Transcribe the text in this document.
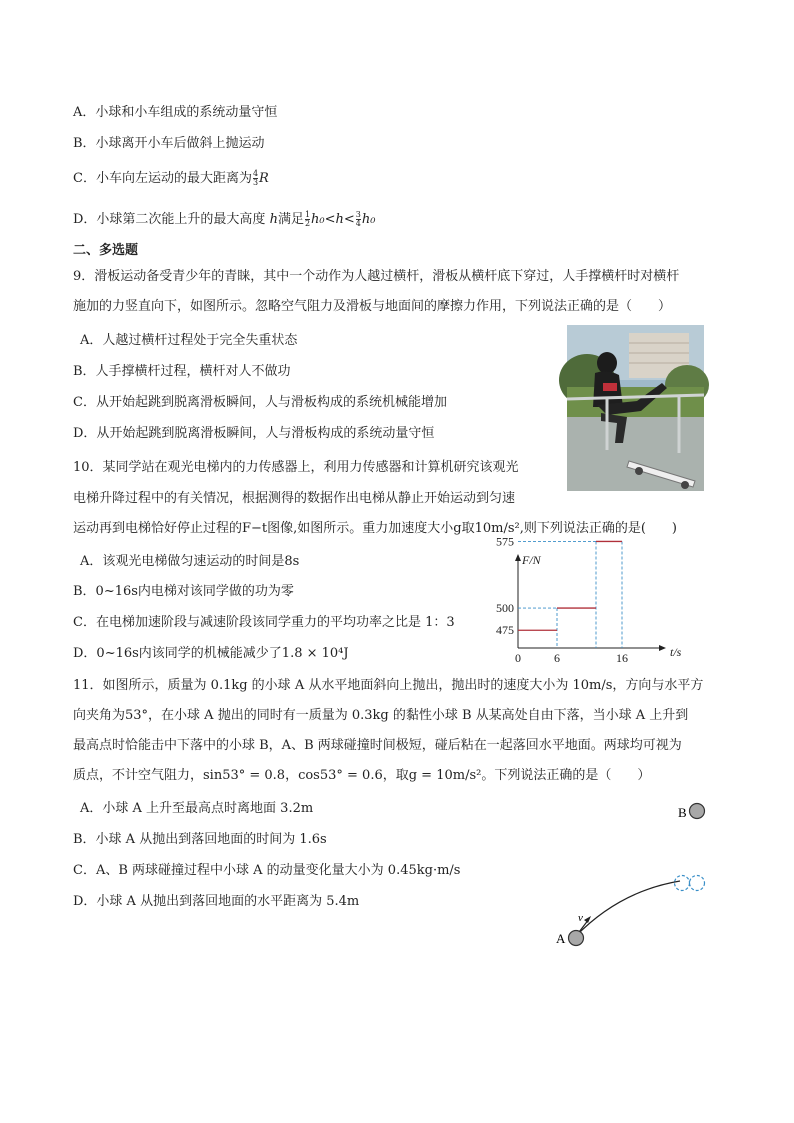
A．小球和小车组成的系统动量守恒
B．小球离开小车后做斜上抛运动
C．小车向左运动的最大距离为 $\frac{4}{3}$ R
D．小球第二次能上升的最大高度 h满足 $\frac{1}{2} h_0<h< \frac{3}{4} h_0$
二、多选题
9．滑板运动备受青少年的青睐，其中一个动作为人越过横杆，滑板从横杆底下穿过，人手撑横杆时对横杆
施加的力竖直向下，如图所示。忽略空气阻力及滑板与地面间的摩擦力作用，下列说法正确的是（　　）
A．人越过横杆过程处于完全失重状态
B．人手撑横杆过程，横杆对人不做功
C．从开始起跳到脱离滑板瞬间，人与滑板构成的系统机械能增加
D．从开始起跳到脱离滑板瞬间，人与滑板构成的系统动量守恒
10．某同学站在观光电梯内的力传感器上，利用力传感器和计算机研究该观光
电梯升降过程中的有关情况，根据测得的数据作出电梯从静止开始运动到匀速
运动再到电梯恰好停止过程的F−t图像,如图所示。重力加速度大小g取10m/s²,则下列说法正确的是(　　)
A．该观光电梯做匀速运动的时间是8s
B．0~16s内电梯对该同学做的功为零
C．在电梯加速阶段与减速阶段该同学重力的平均功率之比是 1：3
D．0~16s内该同学的机械能减少了1.8 × 10⁴J
475
500
575
0	6	16
F/N
t/s
11．如图所示，质量为 0.1kg 的小球 A 从水平地面斜向上抛出，抛出时的速度大小为 10m/s，方向与水平方
向夹角为53°，在小球 A 抛出的同时有一质量为 0.3kg 的黏性小球 B 从某高处自由下落，当小球 A 上升到
最高点时恰能击中下落中的小球 B，A、B 两球碰撞时间极短，碰后粘在一起落回水平地面。两球均可视为
质点，不计空气阻力，sin53° = 0.8，cos53° = 0.6，取g = 10m/s²。下列说法正确的是（　　）
A．小球 A 上升至最高点时离地面 3.2m
B．小球 A 从抛出到落回地面的时间为 1.6s
C．A、B 两球碰撞过程中小球 A 的动量变化量大小为 0.45kg·m/s
D．小球 A 从抛出到落回地面的水平距离为 5.4m
B
v
A
